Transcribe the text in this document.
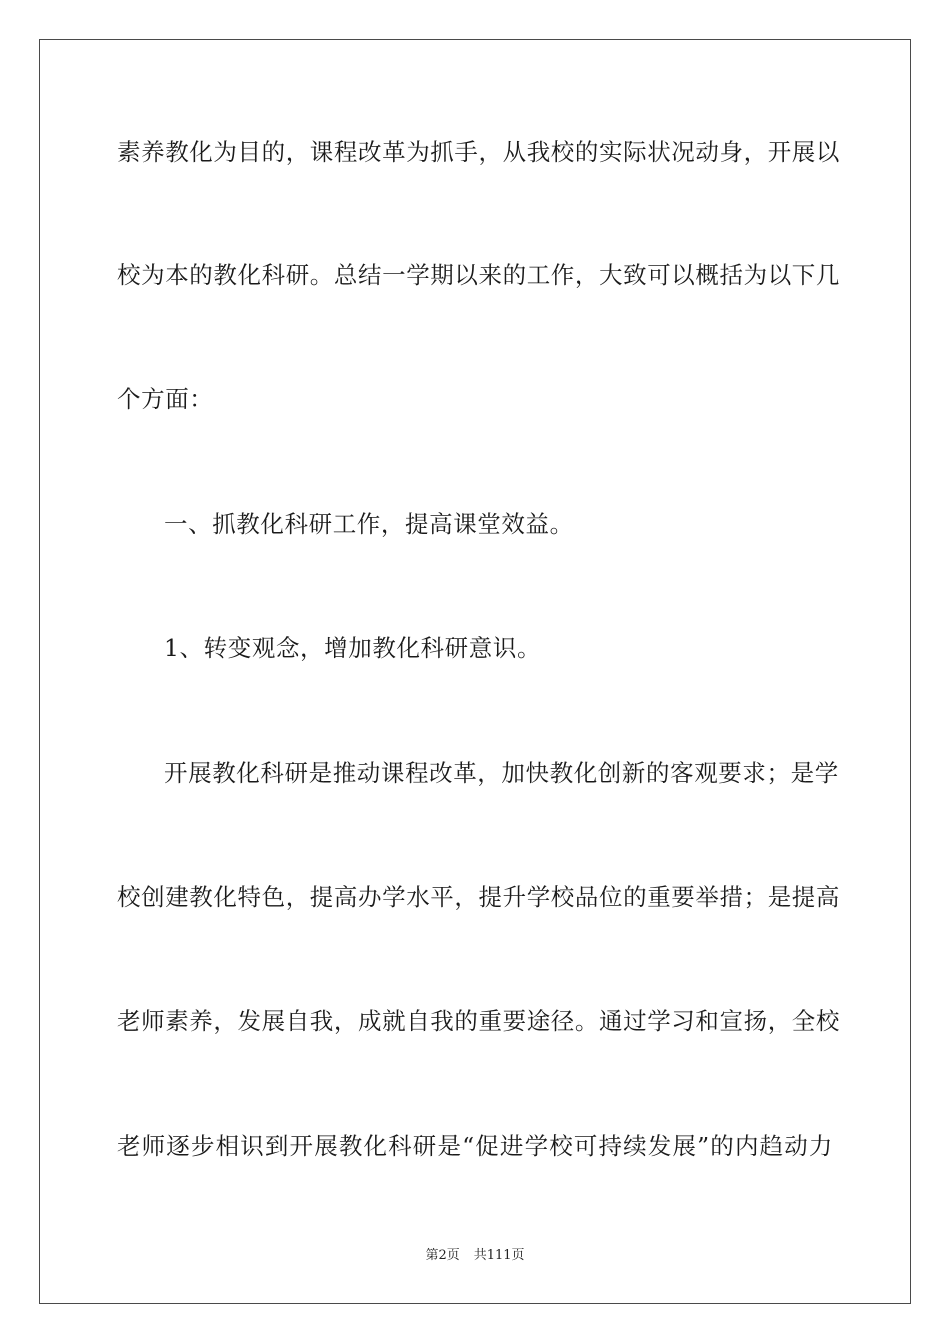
素养教化为目的，课程改革为抓手，从我校的实际状况动身，开展以
校为本的教化科研。总结一学期以来的工作，大致可以概括为以下几
个方面：
一、抓教化科研工作，提高课堂效益。
1、转变观念，增加教化科研意识。
开展教化科研是推动课程改革，加快教化创新的客观要求；是学
校创建教化特色，提高办学水平，提升学校品位的重要举措；是提高
老师素养，发展自我，成就自我的重要途径。通过学习和宣扬，全校
老师逐步相识到开展教化科研是“促进学校可持续发展”的内趋动力
第2页 共111页
